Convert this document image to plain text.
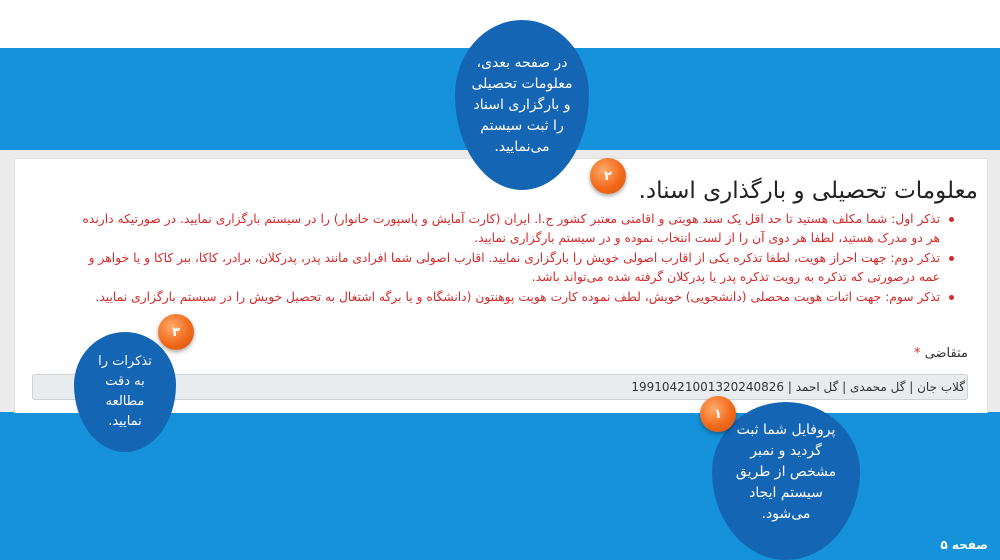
معلومات تحصیلی و بارگذاری اسناد.
تذکر اول: شما مکلف هستید تا حد اقل یک سند هویتی و اقامتی معتبر کشور ج.ا. ایران (کارت آمایش و پاسپورت خانوار) را در سیستم بارگزاری نمایید. در صورتیکه دارنده هر دو مدرک هستید، لطفا هر دوی آن را از لست انتخاب نموده و در سیستم بارگزاری نمایید.
تذکر دوم: جهت احراز هویت، لطفا تذکره یکی از اقارب اصولی خویش را بارگزاری نمایید. اقارب اصولی شما افرادی مانند پدر، پدرکلان، برادر، کاکا، ببر کاکا و یا خواهر و عمه درصورتی که تذکره به رویت تذکره پدر یا پدرکلان گرفته شده می‌تواند باشد.
تذکر سوم: جهت اثبات هویت محصلی (دانشجویی) خویش، لطف نموده کارت هویت پوهنتون (دانشگاه و یا برگه اشتغال به تحصیل خویش را در سیستم بارگزاری نمایید.
متقاضی *
گلاب جان | گل محمدی | گل احمد | 19910421001320240826
در صفحه بعدی،
معلومات تحصیلی
و بارگزاری اسناد
را ثبت سیستم
می‌نمایید.
پروفایل شما ثبت
گردید و نمبر
مشخص از طریق
سیستم ایجاد
می‌شود.
تذکرات را
به دقت
مطالعه
نمایید.	۱
۲
۳
صفحه ۵
